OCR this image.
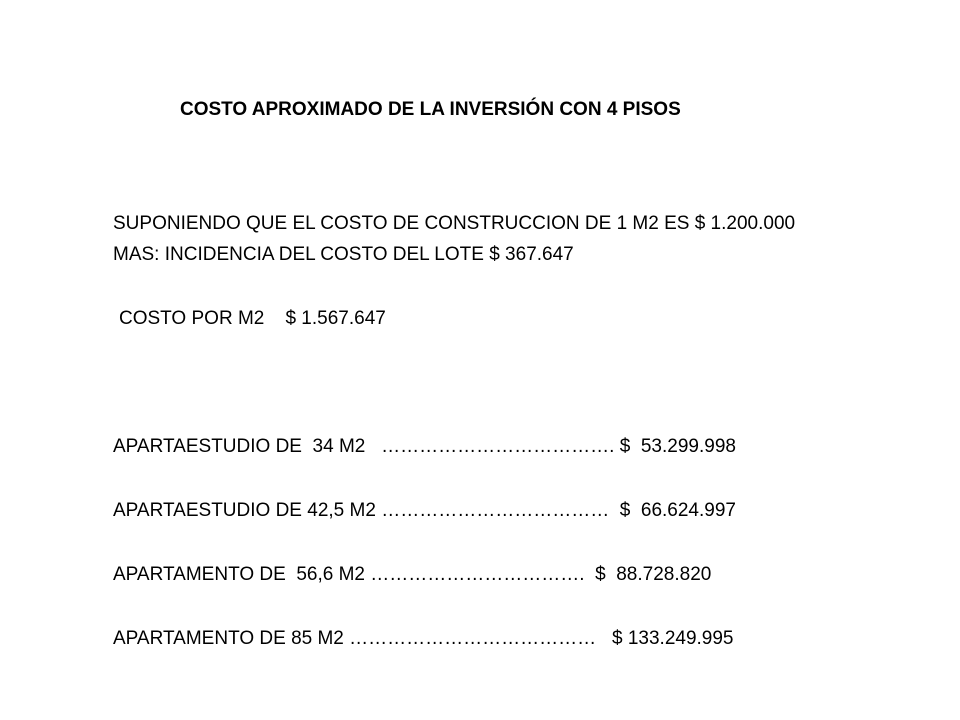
COSTO APROXIMADO DE LA INVERSIÓN CON 4 PISOS
SUPONIENDO QUE EL COSTO DE CONSTRUCCION DE 1 M2 ES $ 1.200.000
MAS: INCIDENCIA DEL COSTO DEL LOTE $ 367.647
COSTO POR M2    $ 1.567.647
APARTAESTUDIO DE  34 M2   ………………………………. $  53.299.998
APARTAESTUDIO DE 42,5 M2 ………………………………  $  66.624.997
APARTAMENTO DE  56,6 M2 …………………………….  $  88.728.820
APARTAMENTO DE 85 M2 …………………………………   $ 133.249.995
